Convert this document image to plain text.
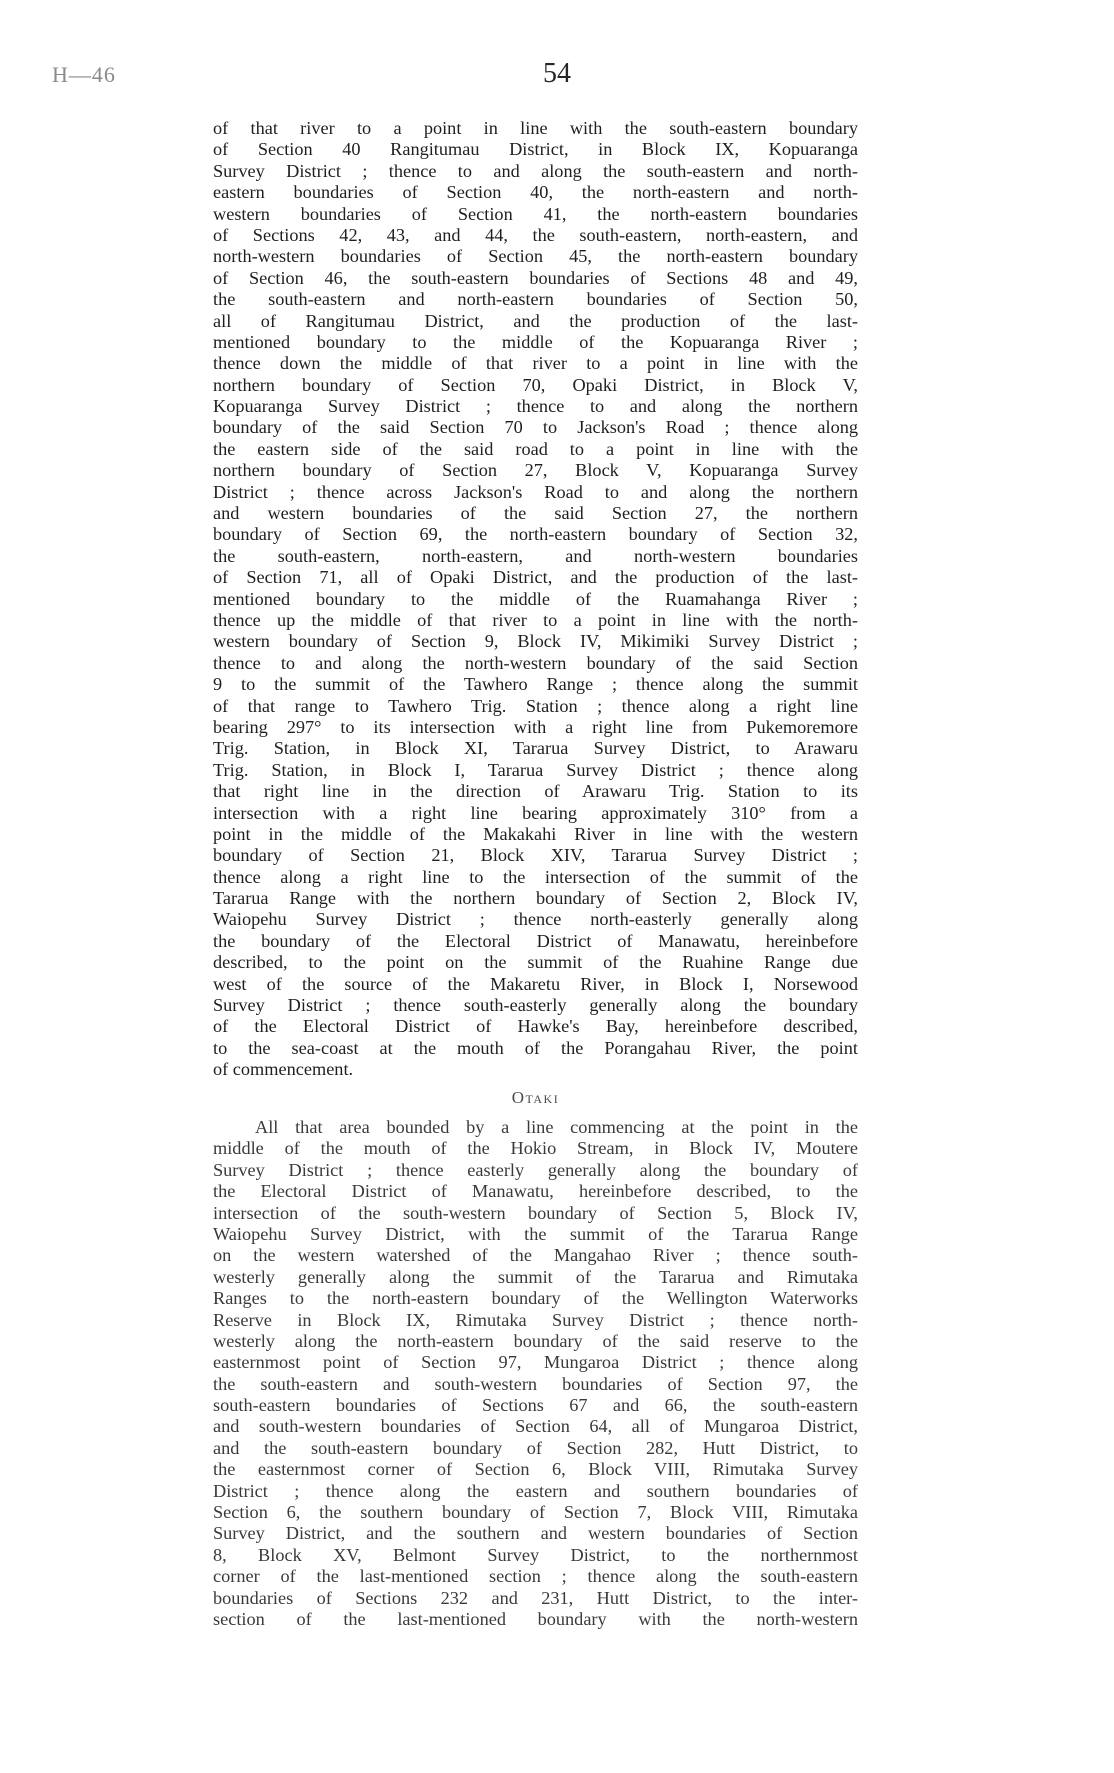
H—46	54
of that river to a point in line with the south-eastern boundary
of Section 40 Rangitumau District, in Block IX, Kopuaranga
Survey District ; thence to and along the south-eastern and north-
eastern boundaries of Section 40, the north-eastern and north-
western boundaries of Section 41, the north-eastern boundaries
of Sections 42, 43, and 44, the south-eastern, north-eastern, and
north-western boundaries of Section 45, the north-eastern boundary
of Section 46, the south-eastern boundaries of Sections 48 and 49,
the south-eastern and north-eastern boundaries of Section 50,
all of Rangitumau District, and the production of the last-
mentioned boundary to the middle of the Kopuaranga River ;
thence down the middle of that river to a point in line with the
northern boundary of Section 70, Opaki District, in Block V,
Kopuaranga Survey District ; thence to and along the northern
boundary of the said Section 70 to Jackson's Road ; thence along
the eastern side of the said road to a point in line with the
northern boundary of Section 27, Block V, Kopuaranga Survey
District ; thence across Jackson's Road to and along the northern
and western boundaries of the said Section 27, the northern
boundary of Section 69, the north-eastern boundary of Section 32,
the south-eastern, north-eastern, and north-western boundaries
of Section 71, all of Opaki District, and the production of the last-
mentioned boundary to the middle of the Ruamahanga River ;
thence up the middle of that river to a point in line with the north-
western boundary of Section 9, Block IV, Mikimiki Survey District ;
thence to and along the north-western boundary of the said Section
9 to the summit of the Tawhero Range ; thence along the summit
of that range to Tawhero Trig. Station ; thence along a right line
bearing 297° to its intersection with a right line from Pukemoremore
Trig. Station, in Block XI, Tararua Survey District, to Arawaru
Trig. Station, in Block I, Tararua Survey District ; thence along
that right line in the direction of Arawaru Trig. Station to its
intersection with a right line bearing approximately 310° from a
point in the middle of the Makakahi River in line with the western
boundary of Section 21, Block XIV, Tararua Survey District ;
thence along a right line to the intersection of the summit of the
Tararua Range with the northern boundary of Section 2, Block IV,
Waiopehu Survey District ; thence north-easterly generally along
the boundary of the Electoral District of Manawatu, hereinbefore
described, to the point on the summit of the Ruahine Range due
west of the source of the Makaretu River, in Block I, Norsewood
Survey District ; thence south-easterly generally along the boundary
of the Electoral District of Hawke's Bay, hereinbefore described,
to the sea-coast at the mouth of the Porangahau River, the point
of commencement.
Otaki
All that area bounded by a line commencing at the point in the
middle of the mouth of the Hokio Stream, in Block IV, Moutere
Survey District ; thence easterly generally along the boundary of
the Electoral District of Manawatu, hereinbefore described, to the
intersection of the south-western boundary of Section 5, Block IV,
Waiopehu Survey District, with the summit of the Tararua Range
on the western watershed of the Mangahao River ; thence south-
westerly generally along the summit of the Tararua and Rimutaka
Ranges to the north-eastern boundary of the Wellington Waterworks
Reserve in Block IX, Rimutaka Survey District ; thence north-
westerly along the north-eastern boundary of the said reserve to the
easternmost point of Section 97, Mungaroa District ; thence along
the south-eastern and south-western boundaries of Section 97, the
south-eastern boundaries of Sections 67 and 66, the south-eastern
and south-western boundaries of Section 64, all of Mungaroa District,
and the south-eastern boundary of Section 282, Hutt District, to
the easternmost corner of Section 6, Block VIII, Rimutaka Survey
District ; thence along the eastern and southern boundaries of
Section 6, the southern boundary of Section 7, Block VIII, Rimutaka
Survey District, and the southern and western boundaries of Section
8, Block XV, Belmont Survey District, to the northernmost
corner of the last-mentioned section ; thence along the south-eastern
boundaries of Sections 232 and 231, Hutt District, to the inter-
section of the last-mentioned boundary with the north-western
